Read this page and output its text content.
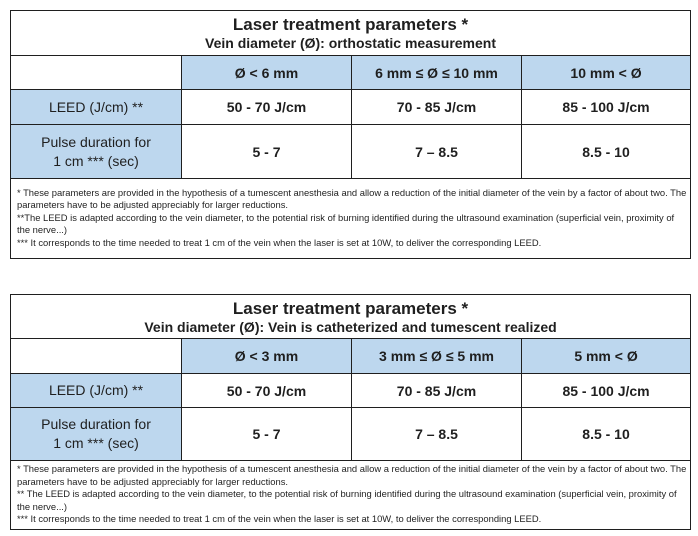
Laser treatment parameters *
Vein diameter (Ø): orthostatic measurement			

	Ø < 6 mm	6 mm ≤ Ø ≤ 10 mm	10 mm < Ø
LEED (J/cm) **	50 - 70 J/cm	70 - 85 J/cm	85 - 100 J/cm

Pulse duration for
1 cm *** (sec)	5 - 7	7 – 8.5	8.5 - 10

* These parameters are provided in the hypothesis of a tumescent anesthesia and allow a reduction of the initial diameter of the vein by a factor of about two. The parameters have to be adjusted appreciably for larger reductions.
**The LEED is adapted according to the vein diameter, to the potential risk of burning identified during the ultrasound examination (superficial vein, proximity of the nerve...)
*** It corresponds to the time needed to treat 1 cm of the vein when the laser is set at 10W, to deliver the corresponding LEED.			
Laser treatment parameters *
Vein diameter (Ø): Vein is catheterized and tumescent realized			

	Ø < 3 mm	3 mm ≤ Ø ≤ 5 mm	5 mm < Ø
LEED (J/cm) **	50 - 70 J/cm	70 - 85 J/cm	85 - 100 J/cm

Pulse duration for
1 cm *** (sec)	5 - 7	7 – 8.5	8.5 - 10

* These parameters are provided in the hypothesis of a tumescent anesthesia and allow a reduction of the initial diameter of the vein by a factor of about two. The parameters have to be adjusted appreciably for larger reductions.
** The LEED is adapted according to the vein diameter, to the potential risk of burning identified during the ultrasound examination (superficial vein, proximity of the nerve...)
*** It corresponds to the time needed to treat 1 cm of the vein when the laser is set at 10W, to deliver the corresponding LEED.			
